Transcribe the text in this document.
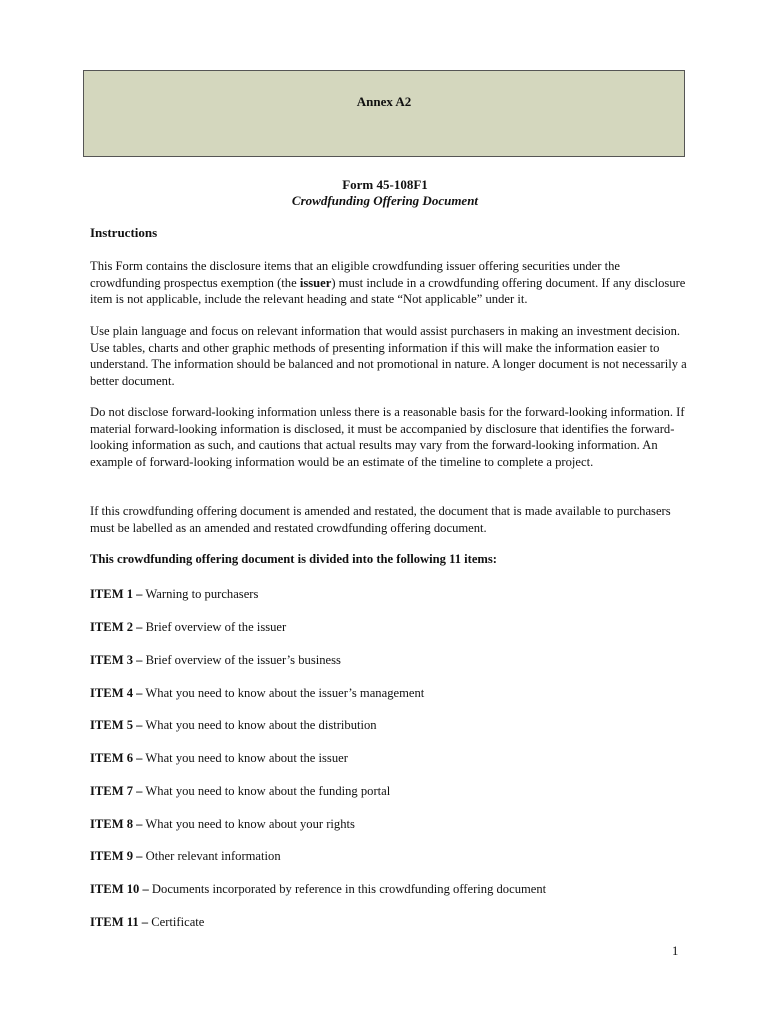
Annex A2
Form 45-108F1
Crowdfunding Offering Document
Instructions

This Form contains the disclosure items that an eligible crowdfunding issuer offering securities under the crowdfunding prospectus exemption (the issuer) must include in a crowdfunding offering document. If any disclosure item is not applicable, include the relevant heading and state “Not applicable” under it.

Use plain language and focus on relevant information that would assist purchasers in making an investment decision. Use tables, charts and other graphic methods of presenting information if this will make the information easier to understand. The information should be balanced and not promotional in nature. A longer document is not necessarily a better document.

Do not disclose forward-looking information unless there is a reasonable basis for the forward-looking information. If material forward-looking information is disclosed, it must be accompanied by disclosure that identifies the forward-looking information as such, and cautions that actual results may vary from the forward-looking information. An example of forward-looking information would be an estimate of the timeline to complete a project.

If this crowdfunding offering document is amended and restated, the document that is made available to purchasers must be labelled as an amended and restated crowdfunding offering document.

This crowdfunding offering document is divided into the following 11 items:
ITEM 1 – Warning to purchasers
ITEM 2 – Brief overview of the issuer
ITEM 3 – Brief overview of the issuer’s business
ITEM 4 – What you need to know about the issuer’s management
ITEM 5 – What you need to know about the distribution
ITEM 6 – What you need to know about the issuer
ITEM 7 – What you need to know about the funding portal
ITEM 8 – What you need to know about your rights
ITEM 9 – Other relevant information
ITEM 10 – Documents incorporated by reference in this crowdfunding offering document
ITEM 11 – Certificate
1
